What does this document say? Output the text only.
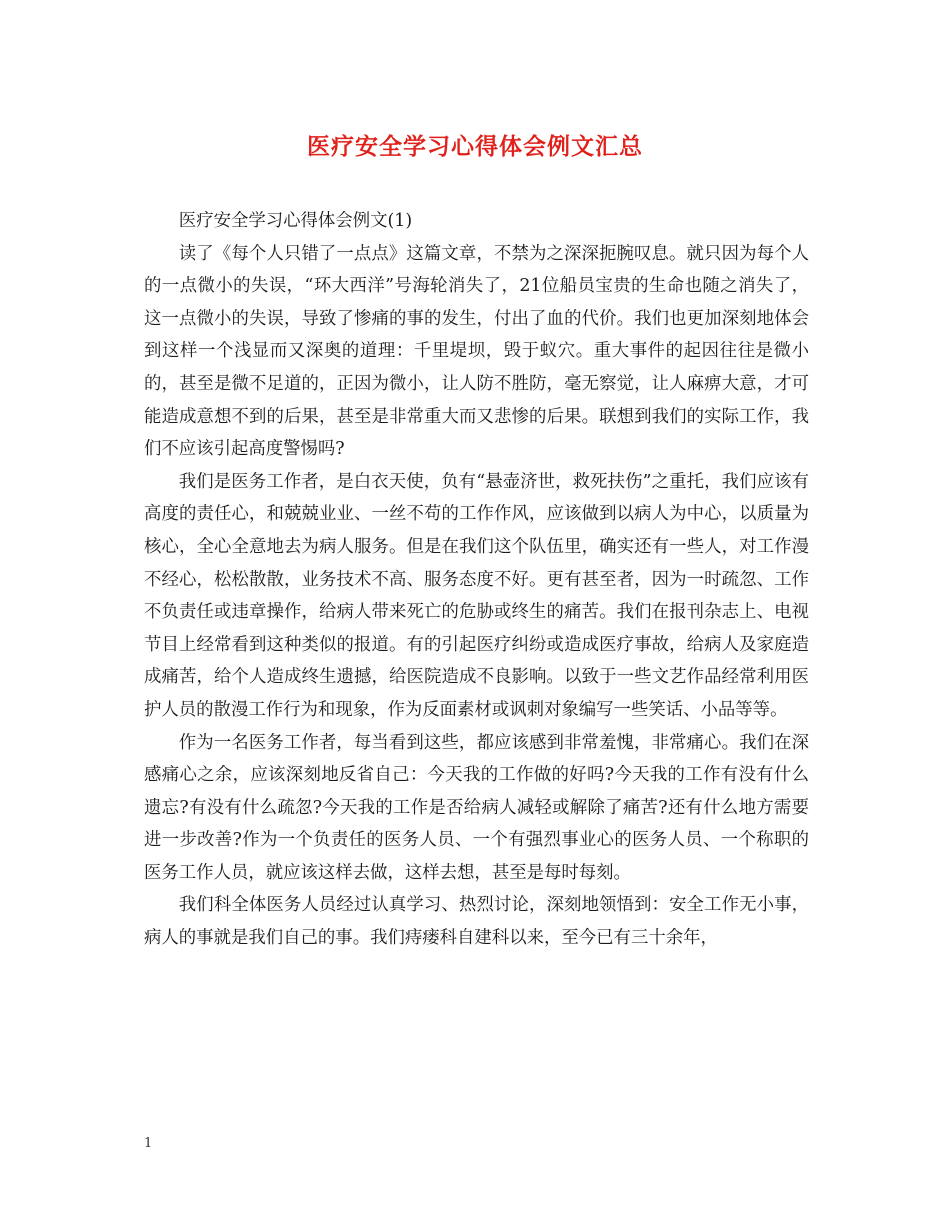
医疗安全学习心得体会例文汇总

医疗安全学习心得体会例文(1)

读了《每个人只错了一点点》这篇文章，不禁为之深深扼腕叹息。就只因为每个人的一点微小的失误，“环大西洋”号海轮消失了，21位船员宝贵的生命也随之消失了，这一点微小的失误，导致了惨痛的事的发生，付出了血的代价。我们也更加深刻地体会到这样一个浅显而又深奥的道理：千里堤坝，毁于蚁穴。重大事件的起因往往是微小的，甚至是微不足道的，正因为微小，让人防不胜防，毫无察觉，让人麻痹大意，才可能造成意想不到的后果，甚至是非常重大而又悲惨的后果。联想到我们的实际工作，我们不应该引起高度警惕吗?

我们是医务工作者，是白衣天使，负有“悬壶济世，救死扶伤”之重托，我们应该有高度的责任心，和兢兢业业、一丝不苟的工作作风，应该做到以病人为中心，以质量为核心，全心全意地去为病人服务。但是在我们这个队伍里，确实还有一些人，对工作漫不经心，松松散散，业务技术不高、服务态度不好。更有甚至者，因为一时疏忽、工作不负责任或违章操作，给病人带来死亡的危胁或终生的痛苦。我们在报刊杂志上、电视节目上经常看到这种类似的报道。有的引起医疗纠纷或造成医疗事故，给病人及家庭造成痛苦，给个人造成终生遗撼，给医院造成不良影响。以致于一些文艺作品经常利用医护人员的散漫工作行为和现象，作为反面素材或讽刺对象编写一些笑话、小品等等。

作为一名医务工作者，每当看到这些，都应该感到非常羞愧，非常痛心。我们在深感痛心之余，应该深刻地反省自己：今天我的工作做的好吗?今天我的工作有没有什么遗忘?有没有什么疏忽?今天我的工作是否给病人减轻或解除了痛苦?还有什么地方需要进一步改善?作为一个负责任的医务人员、一个有强烈事业心的医务人员、一个称职的医务工作人员，就应该这样去做，这样去想，甚至是每时每刻。

我们科全体医务人员经过认真学习、热烈讨论，深刻地领悟到：安全工作无小事，病人的事就是我们自己的事。我们痔瘘科自建科以来，至今已有三十余年，

1
